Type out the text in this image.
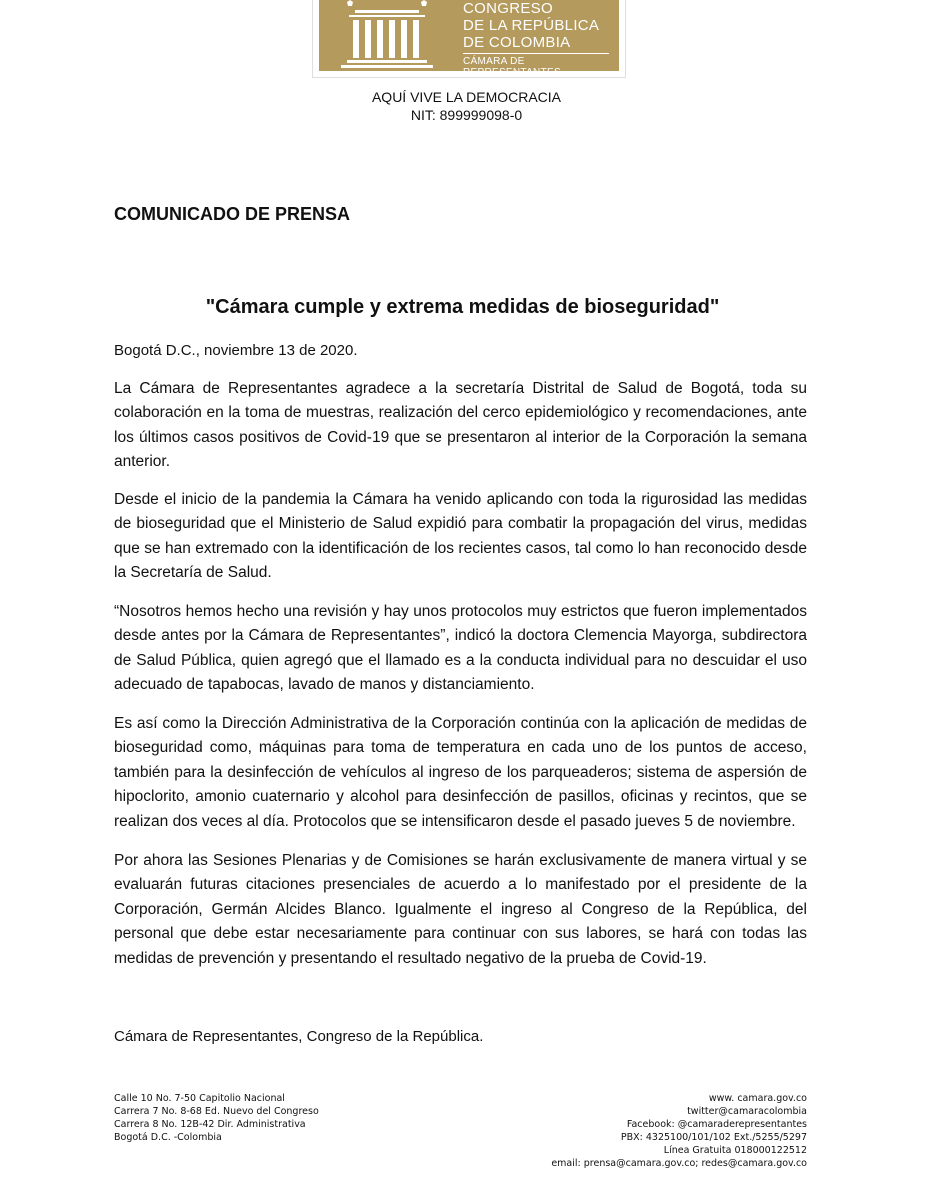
CONGRESO
DE LA REPÚBLICA
DE COLOMBIA
CÁMARA DE REPRESENTANTES
AQUÍ VIVE LA DEMOCRACIA
NIT: 899999098-0
COMUNICADO DE PRENSA
"Cámara cumple y extrema medidas de bioseguridad"
Bogotá D.C., noviembre 13 de 2020.

La Cámara de Representantes agradece a la secretaría Distrital de Salud de Bogotá, toda su colaboración en la toma de muestras, realización del cerco epidemiológico y recomendaciones, ante los últimos casos positivos de Covid-19 que se presentaron al interior de la Corporación la semana anterior.

Desde el inicio de la pandemia la Cámara ha venido aplicando con toda la rigurosidad las medidas de bioseguridad que el Ministerio de Salud expidió para combatir la propagación del virus, medidas que se han extremado con la identificación de los recientes casos, tal como lo han reconocido desde la Secretaría de Salud.

“Nosotros hemos hecho una revisión y hay unos protocolos muy estrictos que fueron implementados desde antes por la Cámara de Representantes”, indicó la doctora Clemencia Mayorga, subdirectora de Salud Pública, quien agregó que el llamado es a la conducta individual para no descuidar el uso adecuado de tapabocas, lavado de manos y distanciamiento.

Es así como la Dirección Administrativa de la Corporación continúa con la aplicación de medidas de bioseguridad como, máquinas para toma de temperatura en cada uno de los puntos de acceso, también para la desinfección de vehículos al ingreso de los parqueaderos; sistema de aspersión de hipoclorito, amonio cuaternario y alcohol para desinfección de pasillos, oficinas y recintos, que se realizan dos veces al día. Protocolos que se intensificaron desde el pasado jueves 5 de noviembre.

Por ahora las Sesiones Plenarias y de Comisiones se harán exclusivamente de manera virtual y se evaluarán futuras citaciones presenciales de acuerdo a lo manifestado por el presidente de la Corporación, Germán Alcides Blanco. Igualmente el ingreso al Congreso de la República, del personal que debe estar necesariamente para continuar con sus labores, se hará con todas las medidas de prevención y presentando el resultado negativo de la prueba de Covid-19.

Cámara de Representantes, Congreso de la República.
Calle 10 No. 7-50 Capitolio Nacional
Carrera 7 No. 8-68 Ed. Nuevo del Congreso
Carrera 8 No. 12B-42 Dir. Administrativa
Bogotá D.C. -Colombia
www. camara.gov.co
twitter@camaracolombia
Facebook: @camaraderepresentantes
PBX: 4325100/101/102 Ext./5255/5297
Línea Gratuita 018000122512
email: prensa@camara.gov.co; redes@camara.gov.co
